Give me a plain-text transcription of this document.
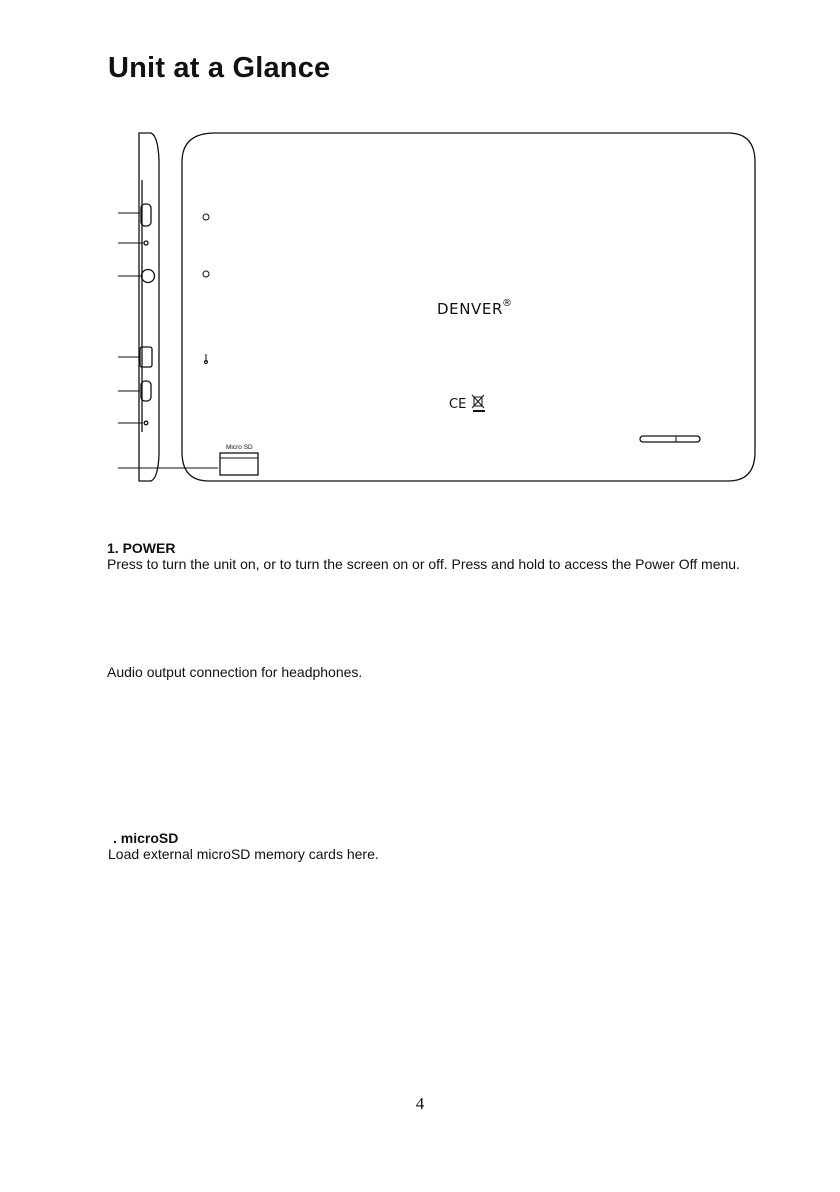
Unit at a Glance
Micro SD
DENVER
®
CE
1. POWER
Press to turn the unit on, or to turn the screen on or off. Press and hold to access the Power Off menu.
Audio output connection for headphones.
. microSD
Load external microSD memory cards here.
4
